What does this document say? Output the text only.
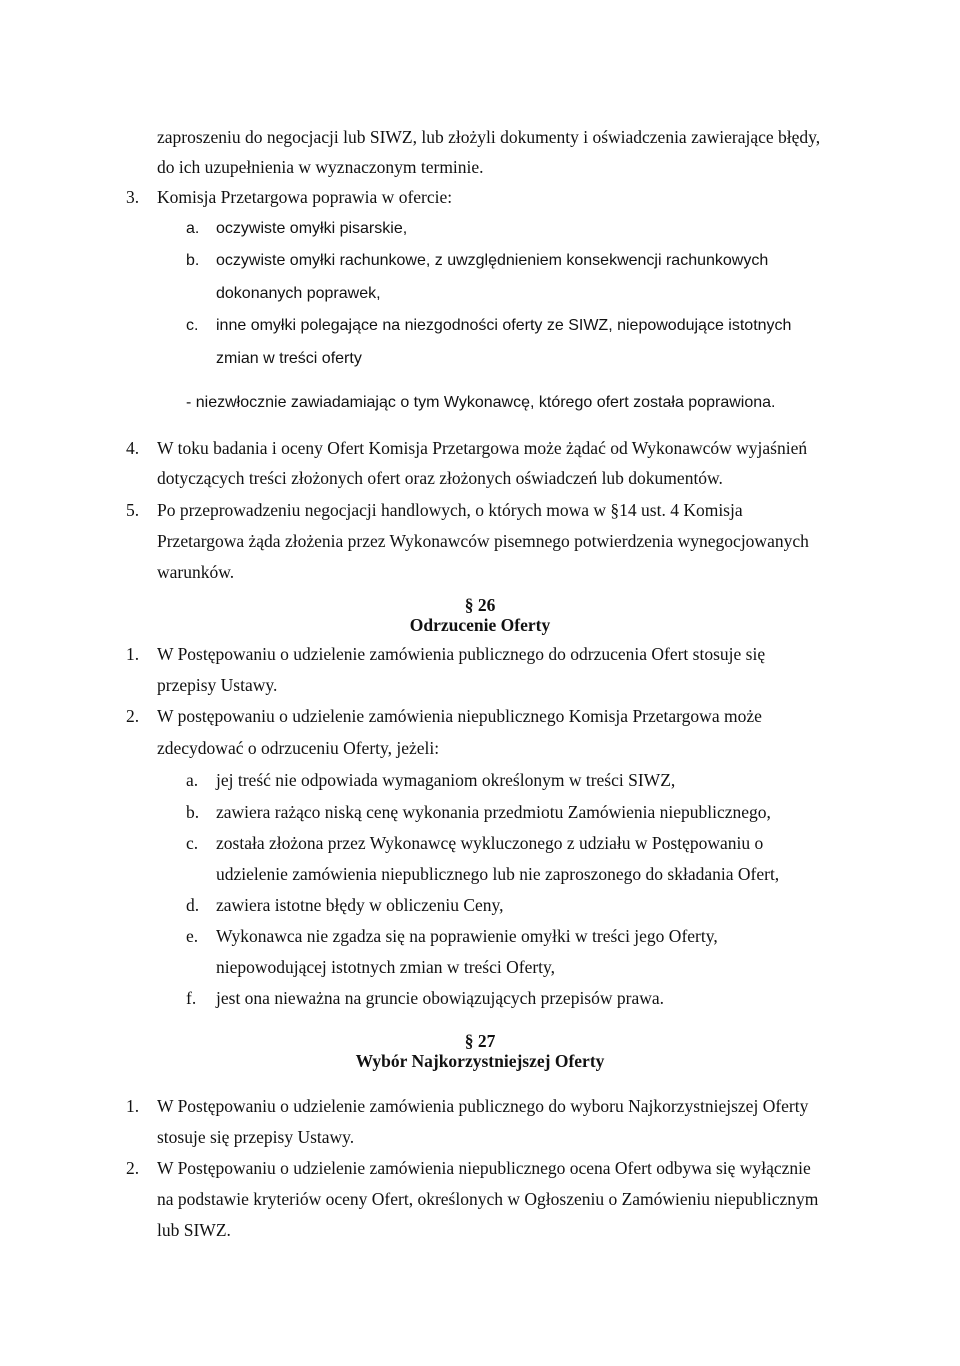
zaproszeniu do negocjacji lub SIWZ, lub złożyli dokumenty i oświadczenia zawierające błędy,
do ich uzupełnienia w wyznaczonym terminie.
3. Komisja Przetargowa poprawia w ofercie:
a. oczywiste omyłki pisarskie,
b. oczywiste omyłki rachunkowe, z uwzględnieniem konsekwencji rachunkowych
dokonanych poprawek,
c. inne omyłki polegające na niezgodności oferty ze SIWZ, niepowodujące istotnych
zmian w treści oferty
- niezwłocznie zawiadamiając o tym Wykonawcę, którego ofert została poprawiona.
4. W toku badania i oceny Ofert Komisja Przetargowa może żądać od Wykonawców wyjaśnień
dotyczących treści złożonych ofert oraz złożonych oświadczeń lub dokumentów.
5. Po przeprowadzeniu negocjacji handlowych, o których mowa w §14 ust. 4 Komisja
Przetargowa żąda złożenia przez Wykonawców pisemnego potwierdzenia wynegocjowanych
warunków.
§ 26
Odrzucenie Oferty
1. W Postępowaniu o udzielenie zamówienia publicznego do odrzucenia Ofert stosuje się
przepisy Ustawy.
2. W postępowaniu o udzielenie zamówienia niepublicznego Komisja Przetargowa może
zdecydować o odrzuceniu Oferty, jeżeli:
a. jej treść nie odpowiada wymaganiom określonym w treści SIWZ,
b. zawiera rażąco niską cenę wykonania przedmiotu Zamówienia niepublicznego,
c. została złożona przez Wykonawcę wykluczonego z udziału w Postępowaniu o
udzielenie zamówienia niepublicznego lub nie zaproszonego do składania Ofert,
d. zawiera istotne błędy w obliczeniu Ceny,
e. Wykonawca nie zgadza się na poprawienie omyłki w treści jego Oferty,
niepowodującej istotnych zmian w treści Oferty,
f. jest ona nieważna na gruncie obowiązujących przepisów prawa.
§ 27
Wybór Najkorzystniejszej Oferty
1. W Postępowaniu o udzielenie zamówienia publicznego do wyboru Najkorzystniejszej Oferty
stosuje się przepisy Ustawy.
2. W Postępowaniu o udzielenie zamówienia niepublicznego ocena Ofert odbywa się wyłącznie
na podstawie kryteriów oceny Ofert, określonych w Ogłoszeniu o Zamówieniu niepublicznym
lub SIWZ.
